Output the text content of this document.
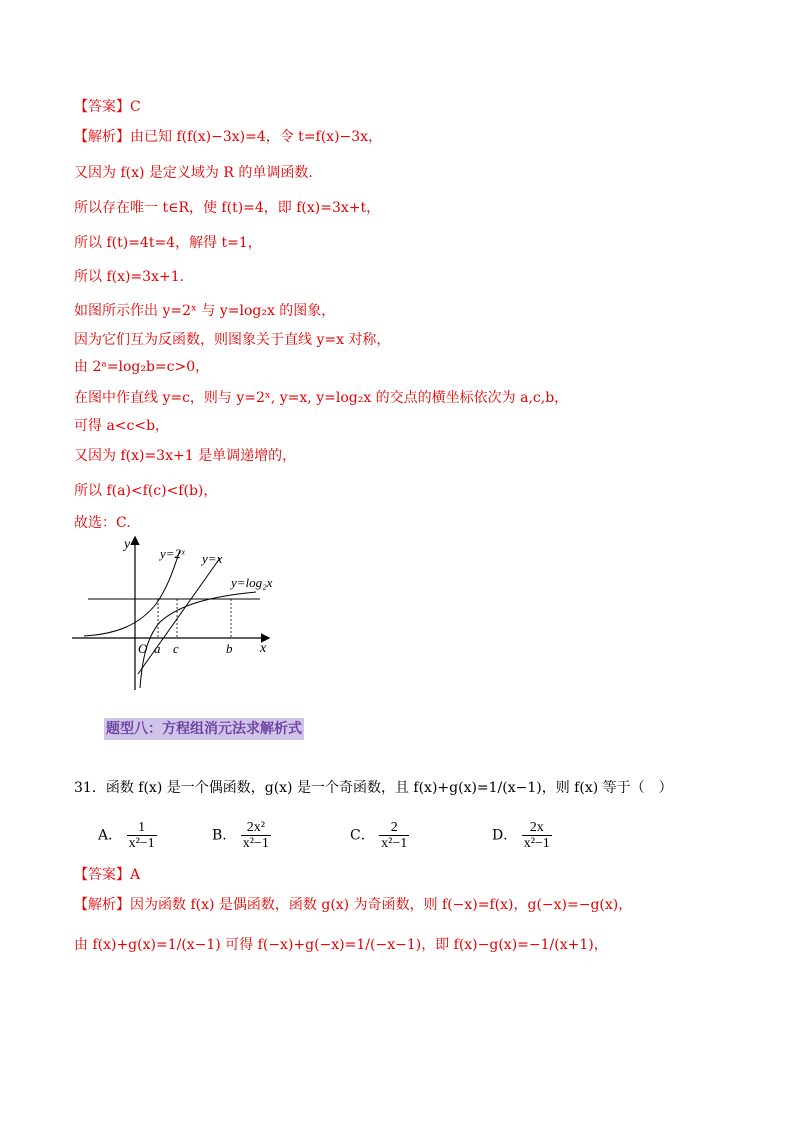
【答案】C
【解析】由已知 f(f(x)−3x)=4，令 t=f(x)−3x，
又因为 f(x) 是定义域为 R 的单调函数.
所以存在唯一 t∈R，使 f(t)=4，即 f(x)=3x+t，
所以 f(t)=4t=4，解得 t=1，
所以 f(x)=3x+1.
如图所示作出 y=2ˣ 与 y=log₂x 的图象，
因为它们互为反函数，则图象关于直线 y=x 对称，
由 2ᵃ=log₂b=c>0，
在图中作直线 y=c，则与 y=2ˣ, y=x, y=log₂x 的交点的横坐标依次为 a,c,b，
可得 a<c<b，
又因为 f(x)=3x+1 是单调递增的，
所以 f(a)<f(c)<f(b)，
故选：C.
y
x
O a c	b
y=2ˣ y=x
y=log₂x
题型八：方程组消元法求解析式
31．函数 f(x) 是一个偶函数，g(x) 是一个奇函数，且 f(x)+g(x)=1/(x−1)，则 f(x) 等于（　）
A． $\frac{1}{\text{x²−1}}$	B． $\frac{\text{2x²}}{\text{x²−1}}$	C． $\frac{2}{\text{x²−1}}$	D． $\frac{2x}{\text{x²−1}}$
【答案】A
【解析】因为函数 f(x) 是偶函数，函数 g(x) 为奇函数，则 f(−x)=f(x)，g(−x)=−g(x)，
由 f(x)+g(x)=1/(x−1) 可得 f(−x)+g(−x)=1/(−x−1)，即 f(x)−g(x)=−1/(x+1)，
